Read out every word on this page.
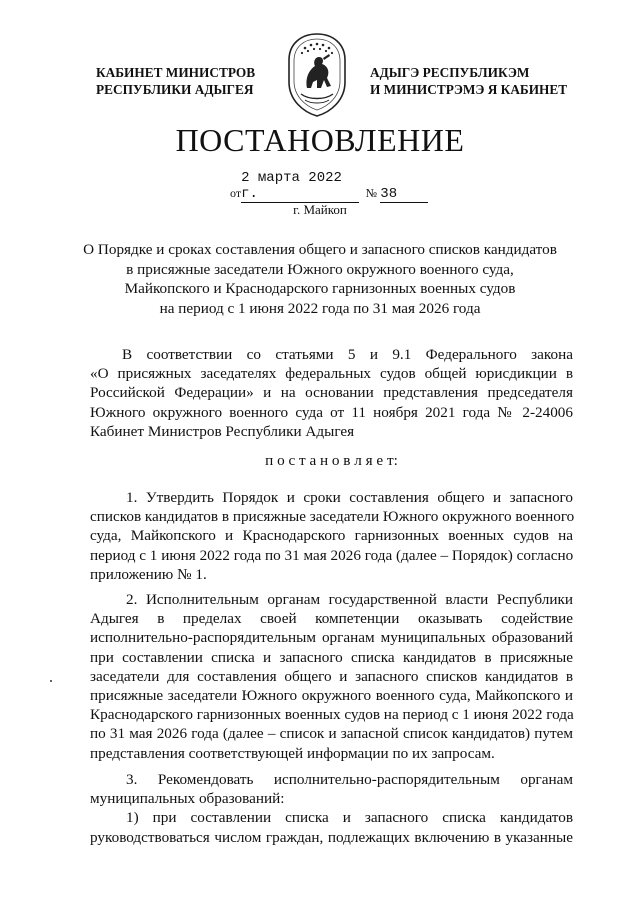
КАБИНЕТ МИНИСТРОВ
РЕСПУБЛИКИ АДЫГЕЯ
АДЫГЭ РЕСПУБЛИКЭМ
И МИНИСТРЭМЭ Я КАБИНЕТ
ПОСТАНОВЛЕНИЕ
от2 марта 2022 г.	№ 38
г. Майкоп
О Порядке и сроках составления общего и запасного списков кандидатов
в присяжные заседатели Южного окружного военного суда,
Майкопского и Краснодарского гарнизонных военных судов
на период с 1 июня 2022 года по 31 мая 2026 года
В соответствии со статьями 5 и 9.1 Федерального закона
«О присяжных заседателях федеральных судов общей юрисдикции в
Российской Федерации» и на основании представления председателя
Южного окружного военного суда от 11 ноября 2021 года № 2-24006
Кабинет Министров Республики Адыгея
п о с т а н о в л я е т:
1. Утвердить Порядок и сроки составления общего и запасного
списков кандидатов в присяжные заседатели Южного окружного военного
суда, Майкопского и Краснодарского гарнизонных военных судов на
период с 1 июня 2022 года по 31 мая 2026 года (далее – Порядок) согласно
приложению № 1.
2. Исполнительным органам государственной власти Республики
Адыгея в пределах своей компетенции оказывать содействие
исполнительно-распорядительным органам муниципальных образований
при составлении списка и запасного списка кандидатов в присяжные
заседатели для составления общего и запасного списков кандидатов в
присяжные заседатели Южного окружного военного суда, Майкопского и
Краснодарского гарнизонных военных судов на период с 1 июня 2022 года
по 31 мая 2026 года (далее – список и запасной список кандидатов) путем
представления соответствующей информации по их запросам.
3. Рекомендовать исполнительно-распорядительным органам
муниципальных образований:
1) при составлении списка и запасного списка кандидатов
руководствоваться числом граждан, подлежащих включению в указанные
